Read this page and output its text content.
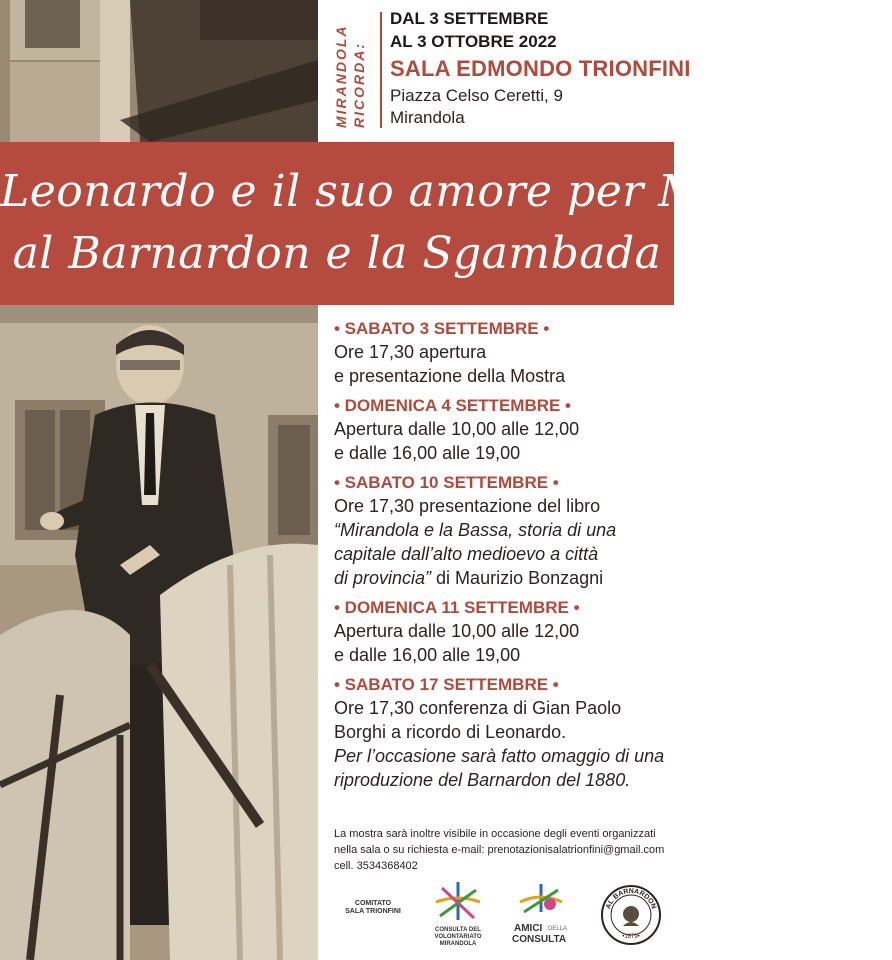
MIRANDOLA RICORDA:
DAL 3 SETTEMBRE
AL 3 OTTOBRE 2022
SALA EDMONDO TRIONFINI
Piazza Celso Ceretti, 9
Mirandola
Leonardo e il suo amore per Mirandola
al Barnardon e la Sgambada
• SABATO 3 SETTEMBRE •
Ore 17,30 apertura
e presentazione della Mostra
• DOMENICA 4 SETTEMBRE •
Apertura dalle 10,00 alle 12,00
e dalle 16,00 alle 19,00
• SABATO 10 SETTEMBRE •
Ore 17,30 presentazione del libro
“Mirandola e la Bassa, storia di una
capitale dall’alto medioevo a città
di provincia” di Maurizio Bonzagni
• DOMENICA 11 SETTEMBRE •
Apertura dalle 10,00 alle 12,00
e dalle 16,00 alle 19,00
• SABATO 17 SETTEMBRE •
Ore 17,30 conferenza di Gian Paolo
Borghi a ricordo di Leonardo.
Per l’occasione sarà fatto omaggio di una
riproduzione del Barnardon del 1880.
La mostra sarà inoltre visibile in occasione degli eventi organizzati
nella sala o su richiesta e-mail: prenotazionisalatrionfini@gmail.com
cell. 3534368402
COMITATO
SALA TRIONFINI
CONSULTA DEL
VOLONTARIATO
MIRANDOLA
AMICI DELLA
CONSULTA
AL BARNARDON
•1879•
